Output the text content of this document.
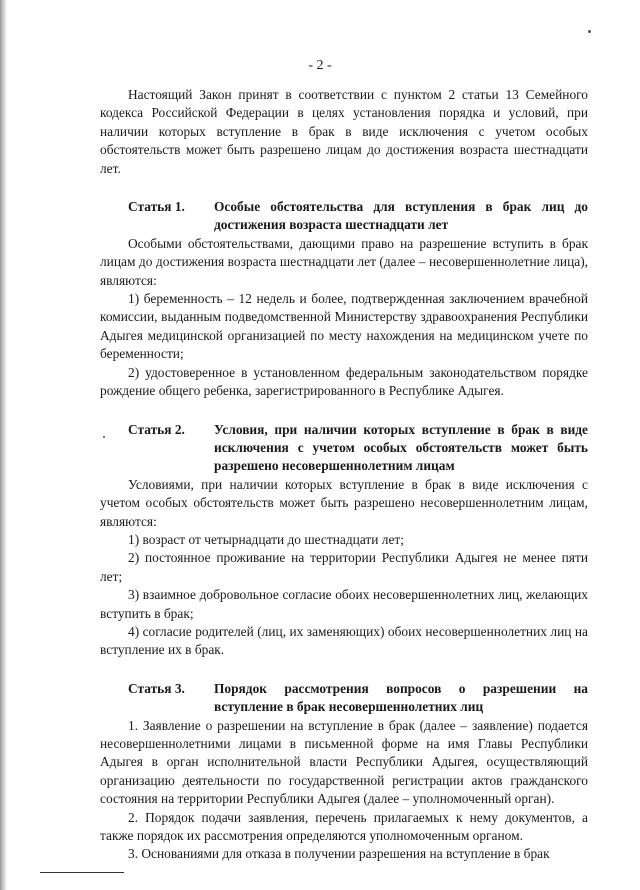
- 2 -

Настоящий Закон принят в соответствии с пунктом 2 статьи 13 Семейного кодекса Российской Федерации в целях установления порядка и условий, при наличии которых вступление в брак в виде исключения с учетом особых обстоятельств может быть разрешено лицам до достижения возраста шестнадцати лет.

Статья 1.	Особые обстоятельства для вступления в брак лиц до достижения возраста шестнадцати лет

Особыми обстоятельствами, дающими право на разрешение вступить в брак лицам до достижения возраста шестнадцати лет (далее – несовершеннолетние лица), являются:

1) беременность – 12 недель и более, подтвержденная заключением врачебной комиссии, выданным подведомственной Министерству здравоохранения Республики Адыгея медицинской организацией по месту нахождения на медицинском учете по беременности;

2) удостоверенное в установленном федеральным законодательством порядке рождение общего ребенка, зарегистрированного в Республике Адыгея.

Статья 2.	Условия, при наличии которых вступление в брак в виде исключения с учетом особых обстоятельств может быть разрешено несовершеннолетним лицам

Условиями, при наличии которых вступление в брак в виде исключения с учетом особых обстоятельств может быть разрешено несовершеннолетним лицам, являются:

1) возраст от четырнадцати до шестнадцати лет;

2) постоянное проживание на территории Республики Адыгея не менее пяти лет;

3) взаимное добровольное согласие обоих несовершеннолетних лиц, желающих вступить в брак;

4) согласие родителей (лиц, их заменяющих) обоих несовершеннолетних лиц на вступление их в брак.

Статья 3.	Порядок рассмотрения вопросов о разрешении на вступление в брак несовершеннолетних лиц

1. Заявление о разрешении на вступление в брак (далее – заявление) подается несовершеннолетними лицами в письменной форме на имя Главы Республики Адыгея в орган исполнительной власти Республики Адыгея, осуществляющий организацию деятельности по государственной регистрации актов гражданского состояния на территории Республики Адыгея (далее – уполномоченный орган).

2. Порядок подачи заявления, перечень прилагаемых к нему документов, а также порядок их рассмотрения определяются уполномоченным органом.

3. Основаниями для отказа в получении разрешения на вступление в брак
